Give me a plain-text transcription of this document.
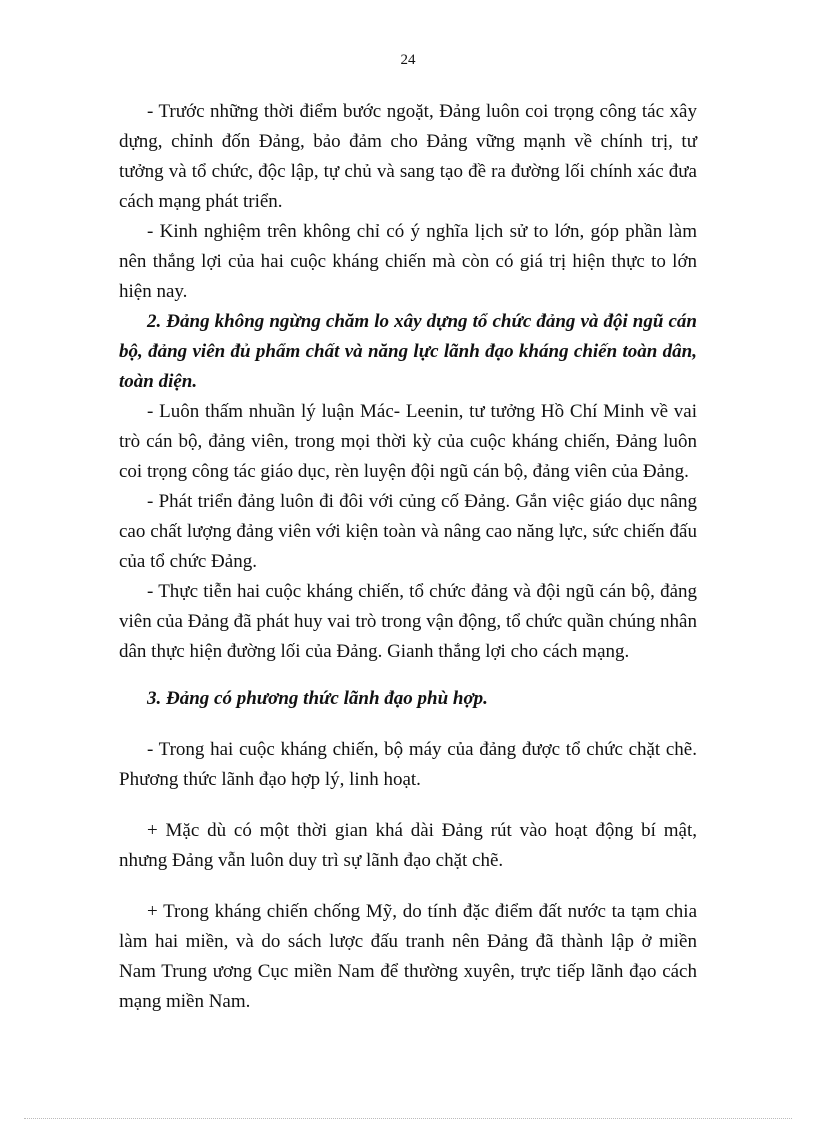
24

- Trước những thời điểm bước ngoặt, Đảng luôn coi trọng công tác xây dựng, chỉnh đốn Đảng, bảo đảm cho Đảng vững mạnh về chính trị, tư tưởng và tổ chức, độc lập, tự chủ và sang tạo đề ra đường lối chính xác đưa cách mạng phát triển.

- Kinh nghiệm trên không chỉ có ý nghĩa lịch sử to lớn, góp phần làm nên thắng lợi của hai cuộc kháng chiến mà còn có giá trị hiện thực to lớn hiện nay.

2. Đảng không ngừng chăm lo xây dựng tổ chức đảng và đội ngũ cán bộ, đảng viên đủ phẩm chất và năng lực lãnh đạo kháng chiến toàn dân, toàn diện.

- Luôn thấm nhuần lý luận Mác- Leenin, tư tưởng Hồ Chí Minh về vai trò cán bộ, đảng viên, trong mọi thời kỳ của cuộc kháng chiến, Đảng luôn coi trọng công tác giáo dục, rèn luyện đội ngũ cán bộ, đảng viên của Đảng.

- Phát triển đảng luôn đi đôi với củng cố Đảng. Gắn việc giáo dục nâng cao chất lượng đảng viên với kiện toàn và nâng cao năng lực, sức chiến đấu của tổ chức Đảng.

- Thực tiễn hai cuộc kháng chiến, tổ chức đảng và đội ngũ cán bộ, đảng viên của Đảng đã phát huy vai trò trong vận động, tổ chức quần chúng nhân dân thực hiện đường lối của Đảng. Gianh thắng lợi cho cách mạng.

3. Đảng có phương thức lãnh đạo phù hợp.

- Trong hai cuộc kháng chiến, bộ máy của đảng được tổ chức chặt chẽ. Phương thức lãnh đạo hợp lý, linh hoạt.

+ Mặc dù có một thời gian khá dài Đảng rút vào hoạt động bí mật, nhưng Đảng vẫn luôn duy trì sự lãnh đạo chặt chẽ.

+ Trong kháng chiến chống Mỹ, do tính đặc điểm đất nước ta tạm chia làm hai miền, và do sách lược đấu tranh nên Đảng đã thành lập ở miền Nam Trung ương Cục miền Nam để thường xuyên, trực tiếp lãnh đạo cách mạng miền Nam.
